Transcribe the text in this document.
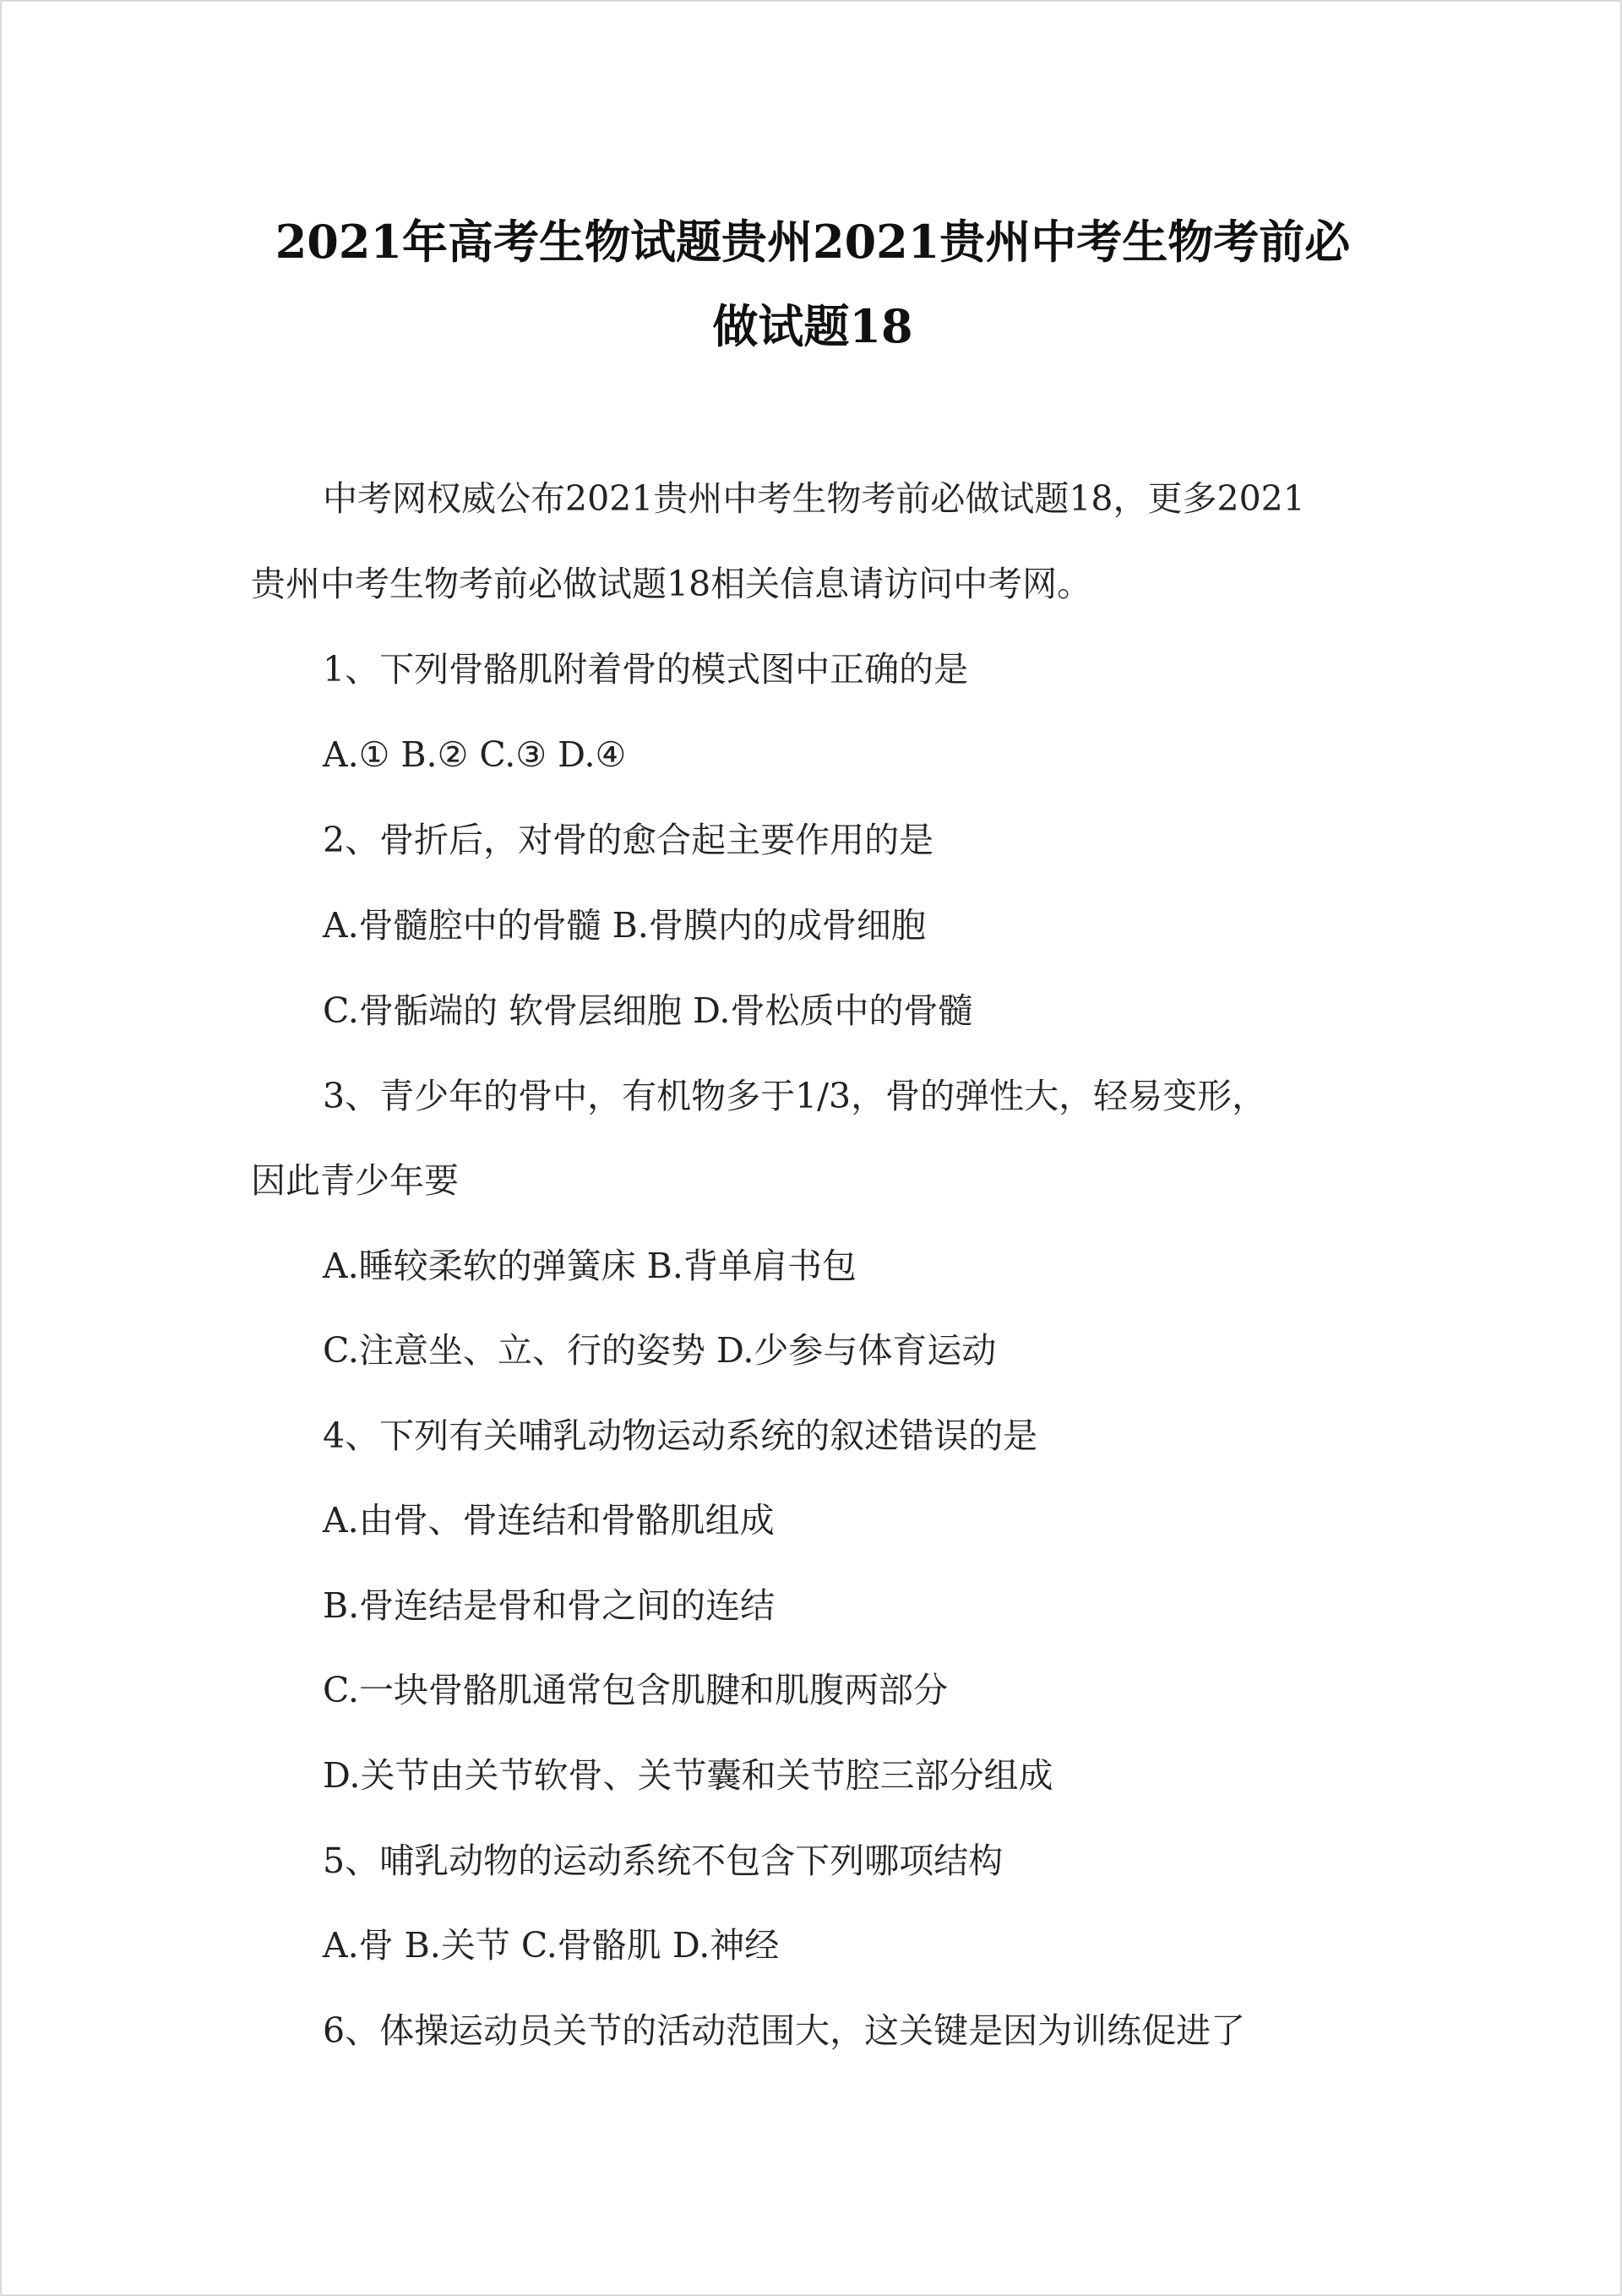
2021年高考生物试题贵州2021贵州中考生物考前必
做试题18

中考网权威公布2021贵州中考生物考前必做试题18，更多2021

贵州中考生物考前必做试题18相关信息请访问中考网。

1、下列骨骼肌附着骨的模式图中正确的是

A.① B.② C.③ D.④

2、骨折后，对骨的愈合起主要作用的是

A.骨髓腔中的骨髓 B.骨膜内的成骨细胞

C.骨骺端的 软骨层细胞 D.骨松质中的骨髓

3、青少年的骨中，有机物多于1/3，骨的弹性大，轻易变形，

因此青少年要

A.睡较柔软的弹簧床 B.背单肩书包

C.注意坐、立、行的姿势 D.少参与体育运动

4、下列有关哺乳动物运动系统的叙述错误的是

A.由骨、骨连结和骨骼肌组成

B.骨连结是骨和骨之间的连结

C.一块骨骼肌通常包含肌腱和肌腹两部分

D.关节由关节软骨、关节囊和关节腔三部分组成

5、哺乳动物的运动系统不包含下列哪项结构

A.骨 B.关节 C.骨骼肌 D.神经

6、体操运动员关节的活动范围大，这关键是因为训练促进了
